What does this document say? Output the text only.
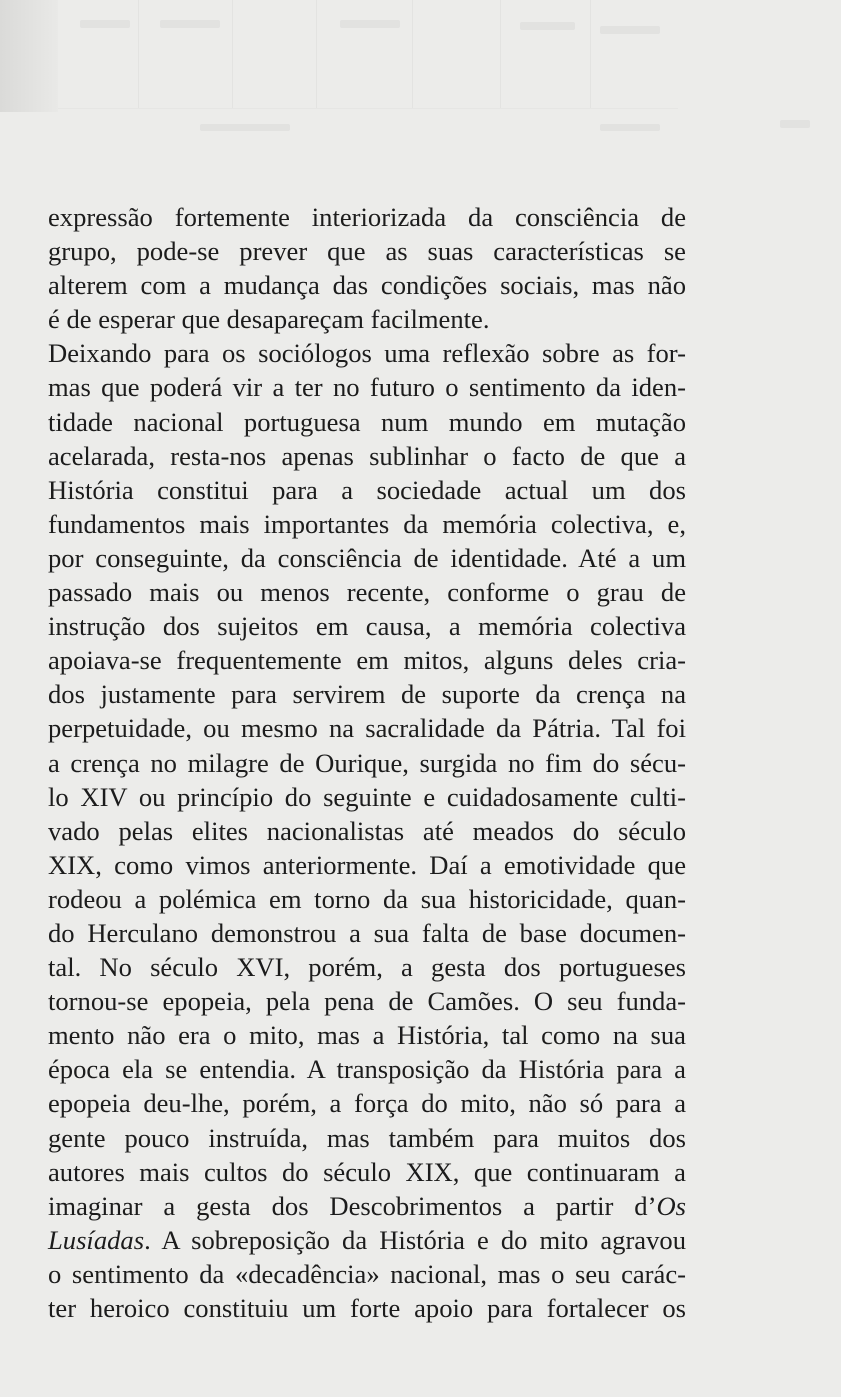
expressão fortemente interiorizada da consciência de
grupo, pode-se prever que as suas características se
alterem com a mudança das condições sociais, mas não
é de esperar que desapareçam facilmente.
Deixando para os sociólogos uma reflexão sobre as for-
mas que poderá vir a ter no futuro o sentimento da iden-
tidade nacional portuguesa num mundo em mutação
acelarada, resta-nos apenas sublinhar o facto de que a
História constitui para a sociedade actual um dos
fundamentos mais importantes da memória colectiva, e,
por conseguinte, da consciência de identidade. Até a um
passado mais ou menos recente, conforme o grau de
instrução dos sujeitos em causa, a memória colectiva
apoiava-se frequentemente em mitos, alguns deles cria-
dos justamente para servirem de suporte da crença na
perpetuidade, ou mesmo na sacralidade da Pátria. Tal foi
a crença no milagre de Ourique, surgida no fim do sécu-
lo XIV ou princípio do seguinte e cuidadosamente culti-
vado pelas elites nacionalistas até meados do século
XIX, como vimos anteriormente. Daí a emotividade que
rodeou a polémica em torno da sua historicidade, quan-
do Herculano demonstrou a sua falta de base documen-
tal. No século XVI, porém, a gesta dos portugueses
tornou-se epopeia, pela pena de Camões. O seu funda-
mento não era o mito, mas a História, tal como na sua
época ela se entendia. A transposição da História para a
epopeia deu-lhe, porém, a força do mito, não só para a
gente pouco instruída, mas também para muitos dos
autores mais cultos do século XIX, que continuaram a
imaginar a gesta dos Descobrimentos a partir d’Os
Lusíadas. A sobreposição da História e do mito agravou
o sentimento da «decadência» nacional, mas o seu carác-
ter heroico constituiu um forte apoio para fortalecer os
